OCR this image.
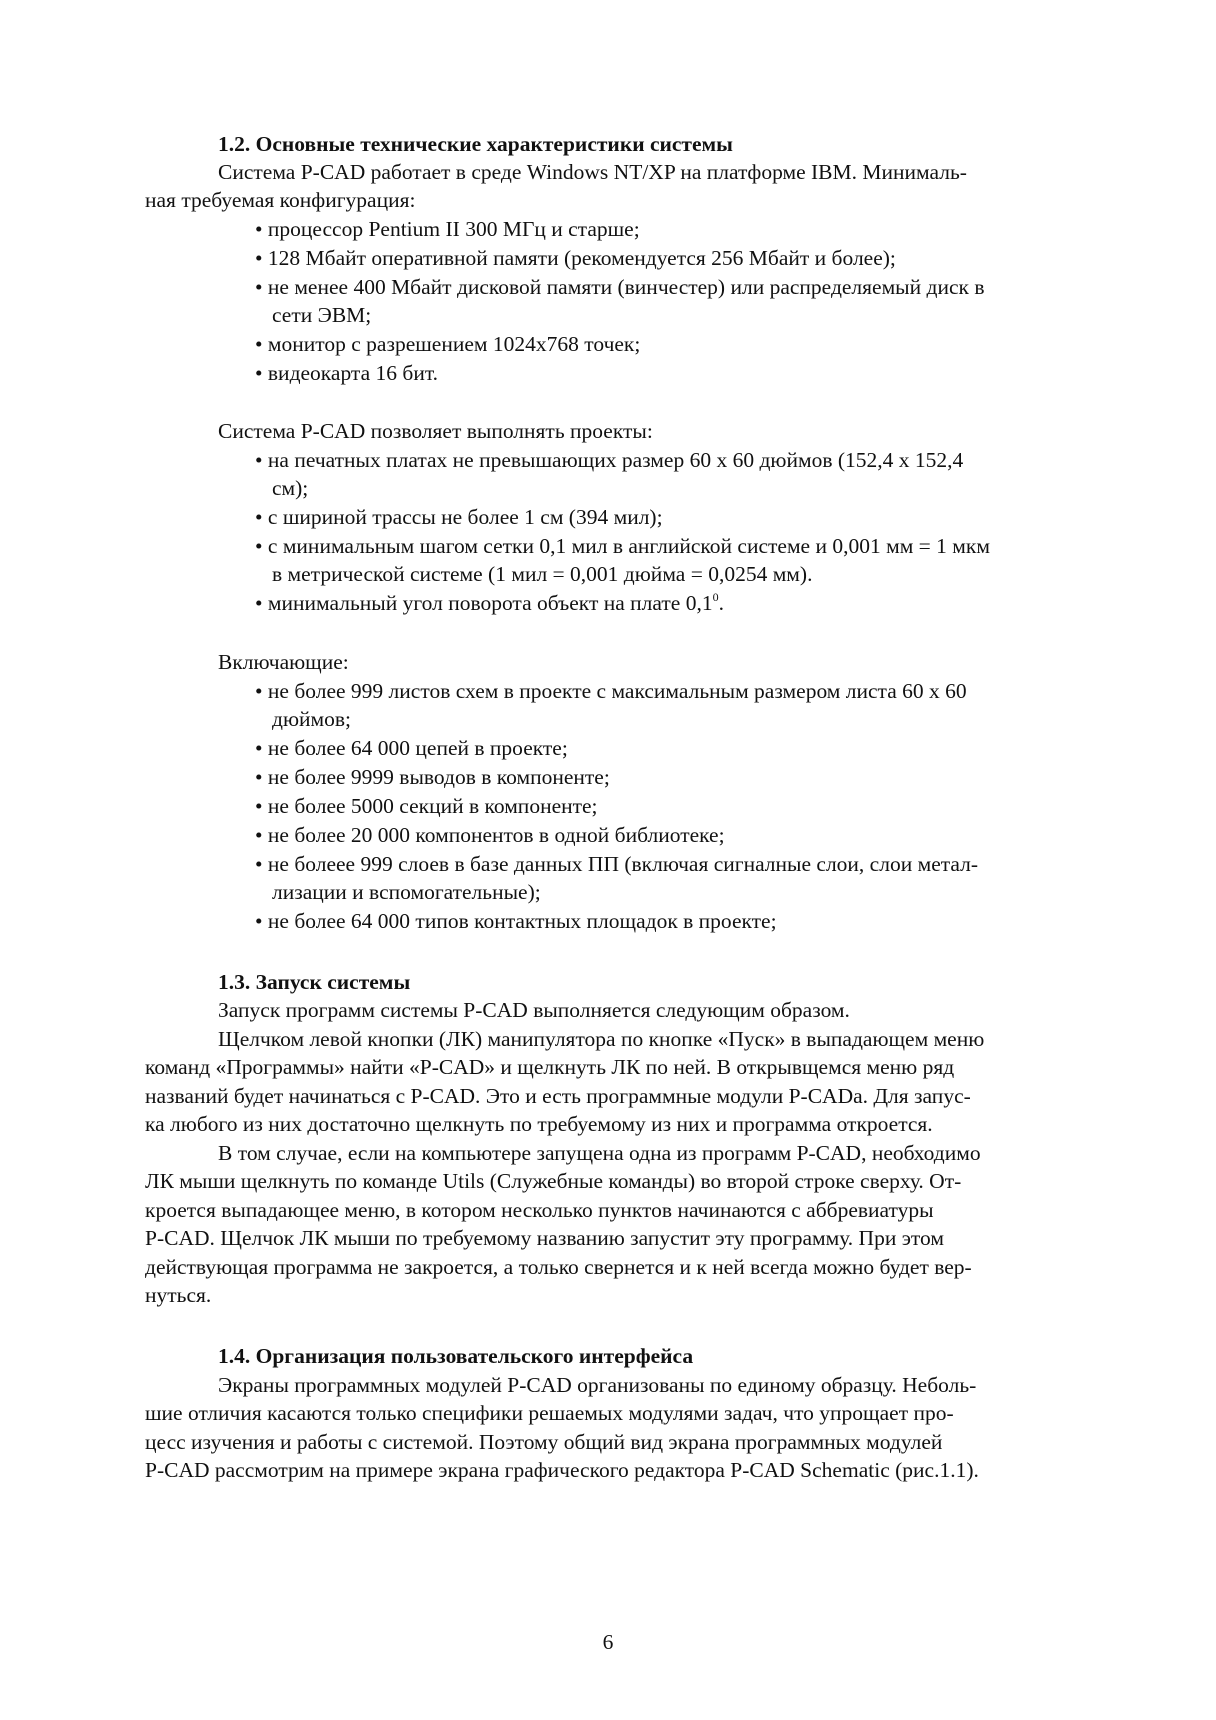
1.2. Основные технические характеристики системы
Система P-CAD работает в среде Windows NT/XP на платформе IBM. Минималь-
ная требуемая конфигурация:
• процессор Pentium II 300 МГц и старше;
• 128 Мбайт оперативной памяти (рекомендуется 256 Мбайт и более);
• не менее 400 Мбайт дисковой памяти (винчестер) или распределяемый диск в
сети ЭВМ;
• монитор с разрешением 1024x768 точек;
• видеокарта 16 бит.
Система P-CAD позволяет выполнять проекты:
• на печатных платах не превышающих размер 60 х 60 дюймов (152,4 х 152,4
см);
• с шириной трассы не более 1 см (394 мил);
• с минимальным шагом сетки 0,1 мил в английской системе и 0,001 мм = 1 мкм
в метрической системе (1 мил = 0,001 дюйма = 0,0254 мм).
• минимальный угол поворота объект на плате $0,1^0$.
Включающие:
• не более 999 листов схем в проекте с максимальным размером листа 60 х 60
дюймов;
• не более 64 000 цепей в проекте;
• не более 9999 выводов в компоненте;
• не более 5000 секций в компоненте;
• не более 20 000 компонентов в одной библиотеке;
• не болеее 999 слоев в базе данных ПП (включая сигналные слои, слои метал-
лизации и вспомогательные);
• не более 64 000 типов контактных площадок в проекте;
1.3. Запуск системы
Запуск программ системы P-CAD выполняется следующим образом.
Щелчком левой кнопки (ЛК) манипулятора по кнопке «Пуск» в выпадающем меню
команд «Программы» найти «P-CAD» и щелкнуть ЛК по ней. В открывщемся меню ряд
названий будет начинаться с P-CAD. Это и есть программные модули P-CADа. Для запус-
ка любого из них достаточно щелкнуть по требуемому из них и программа откроется.
В том случае, если на компьютере запущена одна из программ P-CAD, необходимо
ЛК мыши щелкнуть по команде Utils (Служебные команды) во второй строке сверху. От-
кроется выпадающее меню, в котором несколько пунктов начинаются с аббревиатуры
P-CAD. Щелчок ЛК мыши по требуемому названию запустит эту программу. При этом
действующая программа не закроется, а только свернется и к ней всегда можно будет вер-
нуться.
1.4. Организация пользовательского интерфейса
Экраны программных модулей P-CAD организованы по единому образцу. Неболь-
шие отличия касаются только специфики решаемых модулями задач, что упрощает про-
цесс изучения и работы с системой. Поэтому общий вид экрана программных модулей
P-CAD рассмотрим на примере экрана графического редактора P-CAD Schematic (рис.1.1).
6
